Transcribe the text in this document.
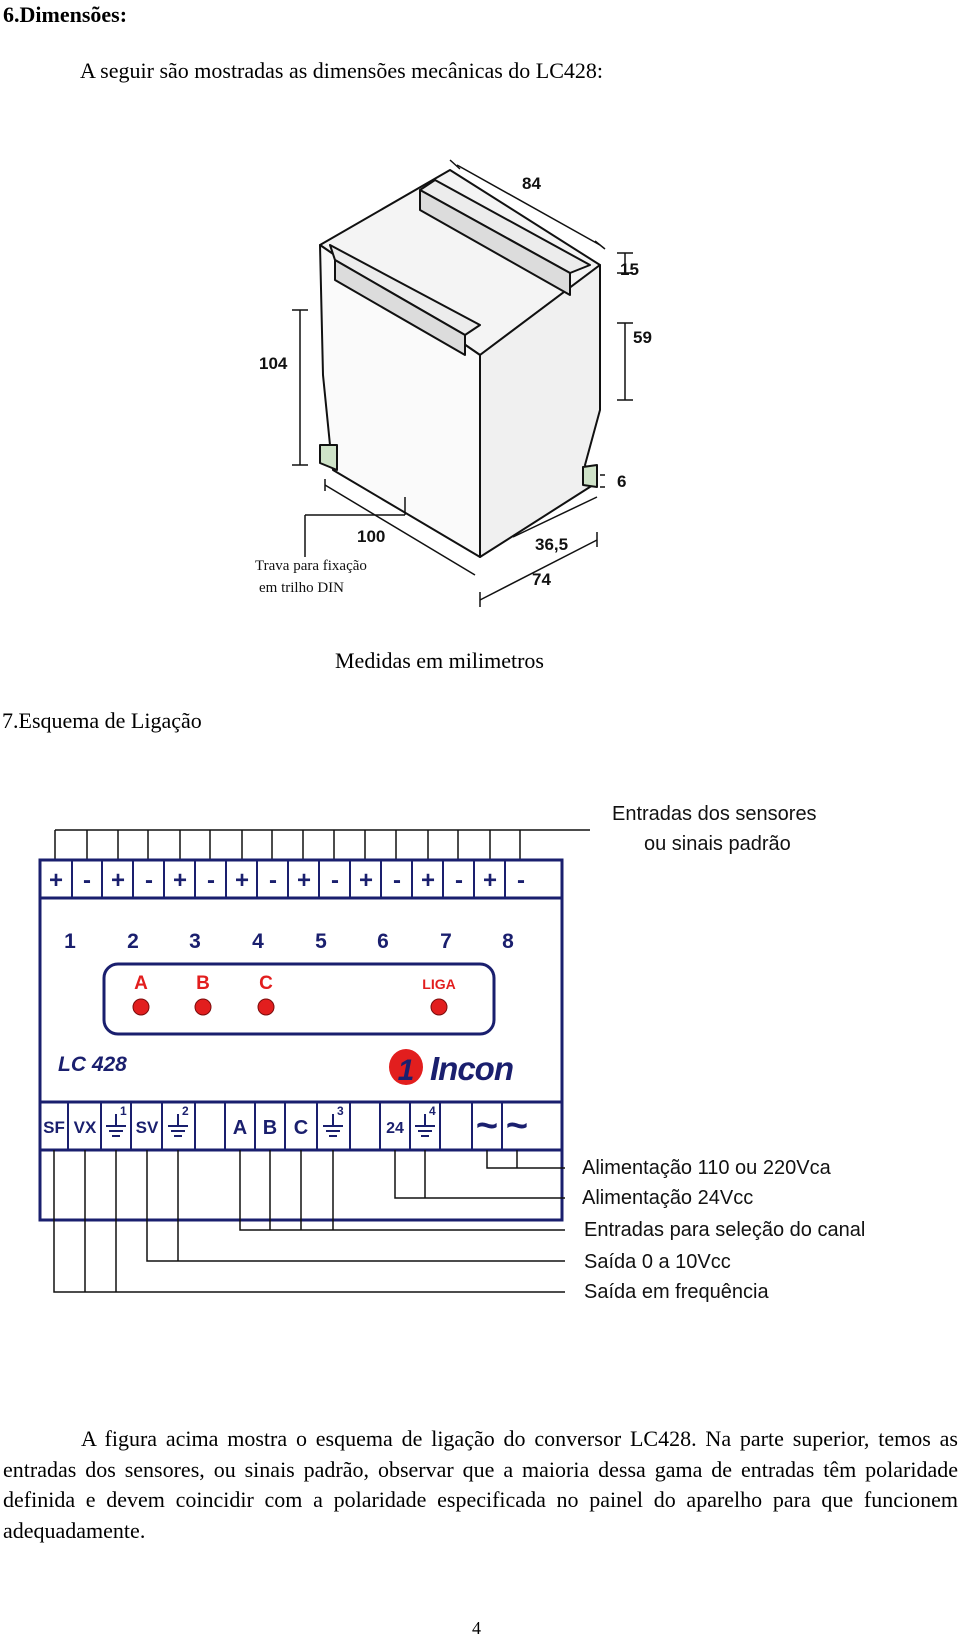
6.Dimensões:
A seguir são mostradas as dimensões mecânicas do LC428:
84
15
59
104
6
100	36,5
74
Trava para fixação
em trilho DIN
Medidas em milimetros
7.Esquema de Ligação
Entradas dos sensores
ou sinais padrão
+ - + - + - + - + - + - + - + -
1 2 3 4 5 6 7 8
A	B	C	LIGA
LC 428	1 Incon
SF VX SV	A B C	24 ~ ~
1	2	3	4
Alimentação 110 ou 220Vca
Alimentação 24Vcc
Entradas para seleção do canal
Saída 0 a 10Vcc
Saída em frequência
A figura acima mostra o esquema de ligação do conversor LC428. Na parte superior, temos as entradas dos sensores, ou sinais padrão, observar que a maioria dessa gama de entradas têm polaridade definida e devem coincidir com a polaridade especificada no painel do aparelho para que funcionem adequadamente.
4
